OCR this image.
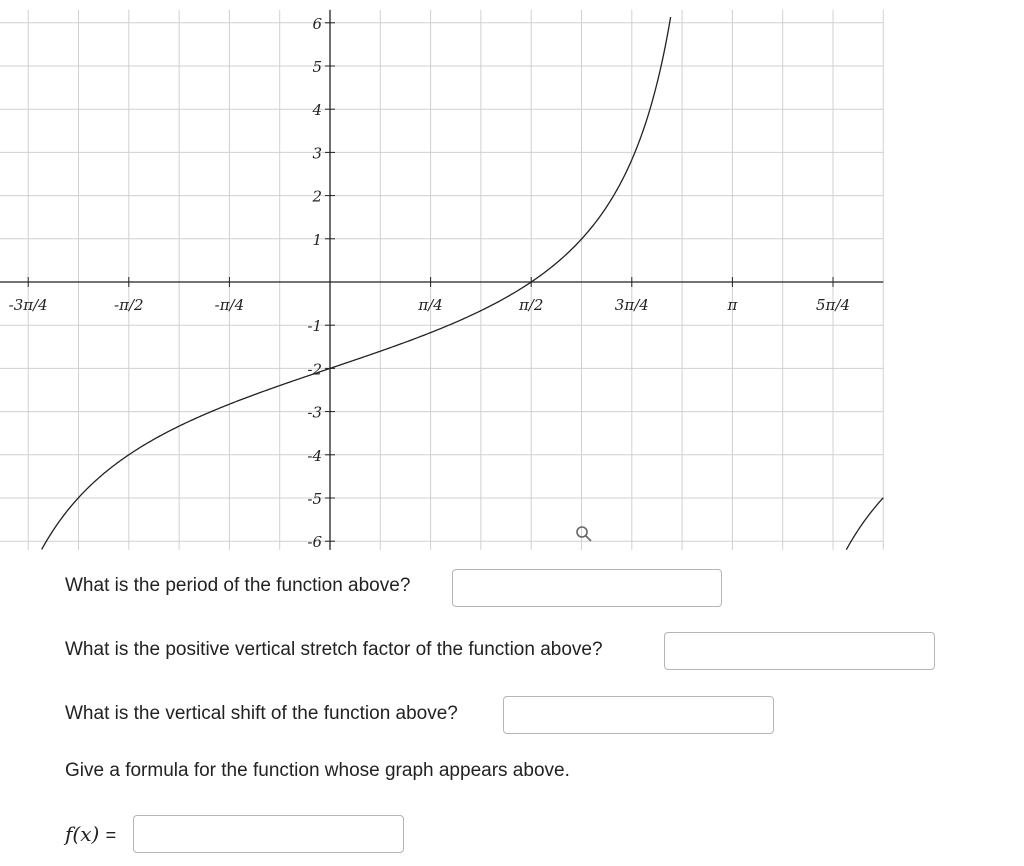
-3π/4	-π/2	-π/4	π/4	π/2	3π/4	π	5π/4
6
5
4
3
2
1
-1
-2
-3
-4
-5
-6
What is the period of the function above?
What is the positive vertical stretch factor of the function above?
What is the vertical shift of the function above?
Give a formula for the function whose graph appears above.
f(x) =
